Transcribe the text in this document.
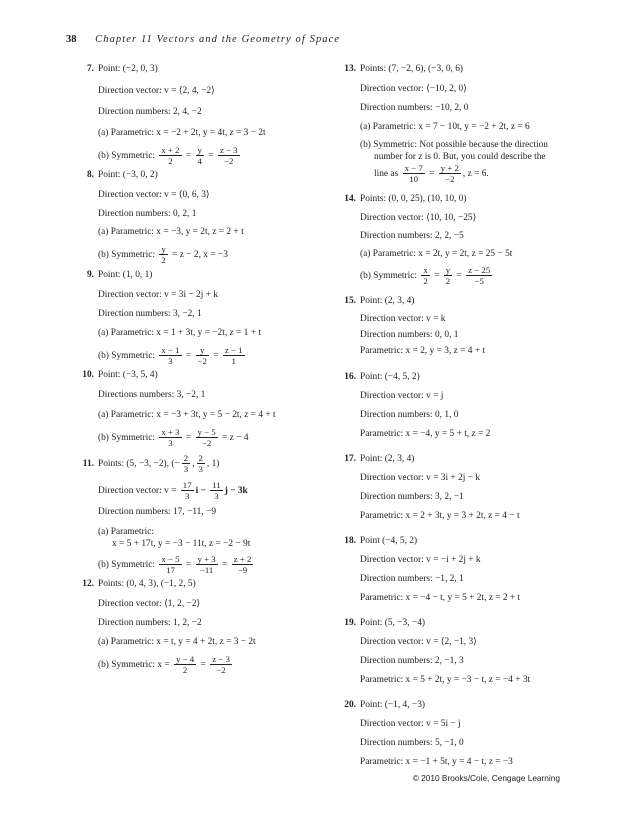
38 Chapter 11 Vectors and the Geometry of Space
7. Point: (−2, 0, 3)
Direction vector: v = ⟨2, 4, −2⟩
Direction numbers: 2, 4, −2
(a) Parametric: x = −2 + 2t, y = 4t, z = 3 − 2t
(b) Symmetric: $\frac{x + 2}{2} = \frac{y}{4} = \frac{z - 3}{-2}$
8. Point: (−3, 0, 2)
Direction vector: v = ⟨0, 6, 3⟩
Direction numbers: 0, 2, 1
(a) Parametric: x = −3, y = 2t, z = 2 + t
(b) Symmetric: $\frac{y}{2} = z - 2$, x = −3
9. Point: (1, 0, 1)
Direction vector: v = 3i − 2j + k
Direction numbers: 3, −2, 1
(a) Parametric: x = 1 + 3t, y = −2t, z = 1 + t
(b) Symmetric: $\frac{x - 1}{3} = \frac{y}{-2} = \frac{z - 1}{1}$
10. Point: (−3, 5, 4)
Directions numbers: 3, −2, 1
(a) Parametric: x = −3 + 3t, y = 5 − 2t, z = 4 + t
(b) Symmetric: $\frac{x + 3}{3} = \frac{y - 5}{-2} = z - 4$
11. Points: (5, −3, −2), (− $\frac{2}{3}$ , $\frac{2}{3}$ , 1)
Direction vector: $v = \frac{17}{3}$ $i - \frac{11}{3}$ j − 3k
Direction numbers: 17, −11, −9
(a) Parametric:
x = 5 + 17t, y = −3 − 11t, z = −2 − 9t
(b) Symmetric: $\frac{x - 5}{17} = \frac{y + 3}{-11} = \frac{z + 2}{-9}$
12. Points: (0, 4, 3), (−1, 2, 5)
Direction vector: ⟨1, 2, −2⟩
Direction numbers: 1, 2, −2
(a) Parametric: x = t, y = 4 + 2t, z = 3 − 2t
(b) Symmetric: $x = \frac{y - 4}{2} = \frac{z - 3}{-2}$
13. Points: (7, −2, 6), (−3, 0, 6)
Direction vector: ⟨−10, 2, 0⟩
Direction numbers: −10, 2, 0
(a) Parametric: x = 7 − 10t, y = −2 + 2t, z = 6
(b) Symmetric: Not possible because the direction
number for z is 0. But, you could describe the
line as $\frac{x - 7}{10} = \frac{y + 2}{-2}$ , z = 6.
14. Points: (0, 0, 25), (10, 10, 0)
Direction vector: ⟨10, 10, −25⟩
Direction numbers: 2, 2, −5
(a) Parametric: x = 2t, y = 2t, z = 25 − 5t
(b) Symmetric: $\frac{x}{2} = \frac{y}{2} = \frac{z - 25}{-5}$
15. Point: (2, 3, 4)
Direction vector: v = k
Direction numbers: 0, 0, 1
Parametric: x = 2, y = 3, z = 4 + t
16. Point: (−4, 5, 2)
Direction vector: v = j
Direction numbers: 0, 1, 0
Parametric: x = −4, y = 5 + t, z = 2
17. Point: (2, 3, 4)
Direction vector: v = 3i + 2j − k
Direction numbers: 3, 2, −1
Parametric: x = 2 + 3t, y = 3 + 2t, z = 4 − t
18. Point (−4, 5, 2)
Direction vector: v = −i + 2j + k
Direction numbers: −1, 2, 1
Parametric: x = −4 − t, y = 5 + 2t, z = 2 + t
19. Point: (5, −3, −4)
Direction vector: v = ⟨2, −1, 3⟩
Direction numbers: 2, −1, 3
Parametric: x = 5 + 2t, y = −3 − t, z = −4 + 3t
20. Point: (−1, 4, −3)
Direction vector: v = 5i − j
Direction numbers: 5, −1, 0
Parametric: x = −1 + 5t, y = 4 − t, z = −3
© 2010 Brooks/Cole, Cengage Learning
